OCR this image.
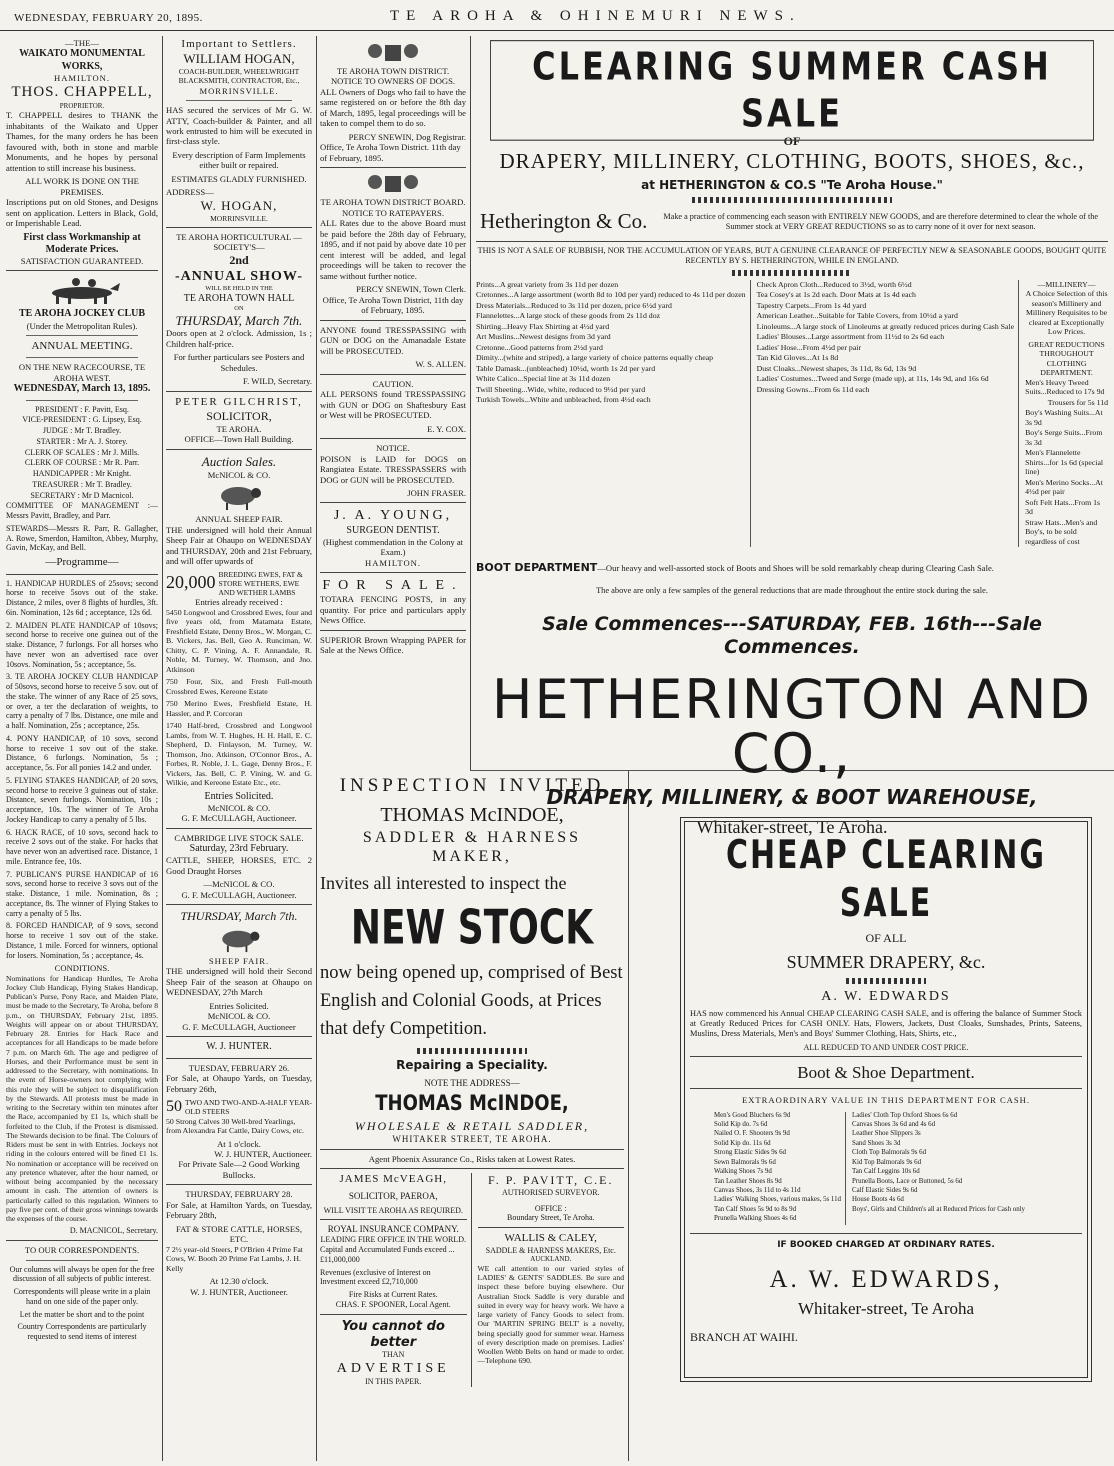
WEDNESDAY, FEBRUARY 20, 1895.	TE AROHA & OHINEMURI NEWS.
—THE—
WAIKATO MONUMENTAL WORKS,
HAMILTON.
THOS. CHAPPELL,
PROPRIETOR.

T. CHAPPELL desires to THANK the inhabitants of the Waikato and Upper Thames, for the many orders he has been favoured with, both in stone and marble Monuments, and he hopes by personal attention to still increase his business.

ALL WORK IS DONE ON THE PREMISES.

Inscriptions put on old Stones, and Designs sent on application. Letters in Black, Gold, or Imperishable Lead.

First class Workmanship at Moderate Prices.
SATISFACTION GUARANTEED.
TE AROHA JOCKEY CLUB
(Under the Metropolitan Rules).
ANNUAL MEETING.
ON THE NEW RACECOURSE, TE AROHA WEST.
WEDNESDAY, March 13, 1895.
PRESIDENT : F. Pavitt, Esq.
VICE-PRESIDENT : G. Lipsey, Esq.
JUDGE : Mr T. Bradley.
STARTER : Mr A. J. Storey.
CLERK OF SCALES : Mr J. Mills.
CLERK OF COURSE : Mr R. Parr.
HANDICAPPER : Mr Knight.
TREASURER : Mr T. Bradley.
SECRETARY : Mr D Macnicol.

COMMITTEE OF MANAGEMENT :—Messrs Pavitt, Bradley, and Parr.

STEWARDS—Messrs R. Parr, R. Gallagher, A. Rowe, Smerdon, Hamilton, Abbey, Murphy, Gavin, McKay, and Bell.

—Programme—

1. HANDICAP HURDLES of 25sovs; second horse to receive 5sovs out of the stake. Distance, 2 miles, over 8 flights of hurdles, 3ft. 6in. Nomination, 12s 6d ; acceptance, 12s 6d.

2. MAIDEN PLATE HANDICAP of 10sovs; second horse to receive one guinea out of the stake. Distance, 7 furlongs. For all horses who have never won an advertised race over 10sovs. Nomination, 5s ; acceptance, 5s.

3. TE AROHA JOCKEY CLUB HANDICAP of 50sovs, second horse to receive 5 sov. out of the stake. The winner of any Race of 25 sovs, or over, a ter the declaration of weights, to carry a penalty of 7 lbs. Distance, one mile and a half. Nomination, 25s ; acceptance, 25s.

4. PONY HANDICAP, of 10 sovs, second horse to receive 1 sov out of the stake. Distance, 6 furlongs. Nomination, 5s ; acceptance, 5s. For all ponies 14.2 and under.

5. FLYING STAKES HANDICAP, of 20 sovs, second horse to receive 3 guineas out of stake. Distance, seven furlongs. Nomination, 10s ; acceptance, 10s. The winner of Te Aroha Jockey Handicap to carry a penalty of 5 lbs.

6. HACK RACE, of 10 sovs, second hack to receive 2 sovs out of the stake. For hacks that have never won an advertised race. Distance, 1 mile. Entrance fee, 10s.

7. PUBLICAN'S PURSE HANDICAP of 16 sovs, second horse to receive 3 sovs out of the stake. Distance, 1 mile. Nomination, 8s ; acceptance, 8s. The winner of Flying Stakes to carry a penalty of 5 lbs.

8. FORCED HANDICAP, of 9 sovs, second horse to receive 1 sov out of the stake. Distance, 1 mile. Forced for winners, optional for losers. Nomination, 5s ; acceptance, 4s.

CONDITIONS.

Nominations for Handicap Hurdles, Te Aroha Jockey Club Handicap, Flying Stakes Handicap, Publican's Purse, Pony Race, and Maiden Plate, must be made to the Secretary, Te Aroha, before 8 p.m., on THURSDAY, February 21st, 1895. Weights will appear on or about THURSDAY, February 28. Entries for Hack Race and acceptances for all Handicaps to be made before 7 p.m. on March 6th. The age and pedigree of Horses, and their Performance must be sent in addressed to the Secretary, with nominations. In the event of Horse-owners not complying with this rule they will be subject to disqualification by the Stewards. All protests must be made in writing to the Secretary within ten minutes after the Race, accompanied by £1 1s, which shall be forfeited to the Club, if the Protest is dismissed. The Stewards decision to be final. The Colours of Riders must be sent in with Entries. Jockeys not riding in the colours entered will be fined £1 1s. No nomination or acceptance will be received on any pretence whatever, after the hour named, or without being accompanied by the necessary amount in cash. The attention of owners is particularly called to this regulation. Winners to pay five per cent. of their gross winnings towards the expenses of the course.

D. MACNICOL, Secretary.
TO OUR CORRESPONDENTS.

Our columns will always be open for the free discussion of all subjects of public interest.

Correspondents will please write in a plain hand on one side of the paper only.

Let the matter be short and to the point

Country Correspondents are particularly requested to send items of interest

Important to Settlers.
WILLIAM HOGAN,
COACH-BUILDER, WHEELWRIGHT BLACKSMITH, CONTRACTOR, Etc.,
MORRINSVILLE.

HAS secured the services of Mr G. W. ATTY, Coach-builder & Painter, and all work entrusted to him will be executed in first-class style.

Every description of Farm Implements either built or repaired.

ESTIMATES GLADLY FURNISHED.

ADDRESS—
W. HOGAN,
MORRINSVILLE.
TE AROHA HORTICULTURAL —SOCIETY'S—
2nd
-ANNUAL SHOW-
WILL BE HELD IN THE
TE AROHA TOWN HALL
ON
THURSDAY, March 7th.

Doors open at 2 o'clock. Admission, 1s ; Children half-price.

For further particulars see Posters and Schedules.

F. WILD, Secretary.
PETER GILCHRIST,
SOLICITOR,
TE AROHA.
OFFICE—Town Hall Building.
Auction Sales.
McNICOL & CO.
ANNUAL SHEEP FAIR.

THE undersigned will hold their Annual Sheep Fair at Ohaupo on WEDNESDAY and THURSDAY, 20th and 21st February, and will offer upwards of

20,000 BREEDING EWES, FAT & STORE WETHERS, EWE AND WETHER LAMBS
Entries already received :

5450 Longwool and Crossbred Ewes, four and five years old, from Matamata Estate, Freshfield Estate, Denny Bros., W. Morgan, C. B. Vickers, Jas. Bell, Geo A. Runciman, W. Chitty, C. P. Vining, A. F. Annandale, R. Noble, M. Turney, W. Thomson, and Jno. Atkinson

750 Four, Six, and Fresh Full-mouth Crossbred Ewes, Kereone Estate

750 Merino Ewes, Freshfield Estate, H. Hassler, and P. Corcoran

1740 Half-bred, Crossbred and Longwool Lambs, from W. T. Hughes, H. H. Hall, E. C. Shepherd, D. Finlayson, M. Turney, W. Thomson, Jno. Atkinson, O'Connor Bros., A. Forbes, R. Noble, J. L. Gage, Denny Bros., F. Vickers, Jas. Bell, C. P. Vining, W. and G. Wilkie, and Kereone Estate Etc., etc.

Entries Solicited.
McNICOL & CO.
G. F. McCULLAGH, Auctioneer.
CAMBRIDGE LIVE STOCK SALE.
Saturday, 23rd February.

CATTLE, SHEEP, HORSES, ETC. 2 Good Draught Horses

—McNICOL & CO.
G. F. McCULLAGH, Auctioneer.
THURSDAY, March 7th.
SHEEP FAIR.

THE undersigned will hold their Second Sheep Fair of the season at Ohaupo on WEDNESDAY, 27th March

Entries Solicited.
McNICOL & CO.
G. F. McCULLAGH, Auctioneer
W. J. HUNTER.
TUESDAY, FEBRUARY 26.

For Sale, at Ohaupo Yards, on Tuesday, February 26th,

50 TWO AND TWO-AND-A-HALF YEAR-OLD STEERS

50 Strong Calves 30 Well-bred Yearlings, from Alexandra Fat Cattle, Dairy Cows, etc.

At 1 o'clock.
W. J. HUNTER, Auctioneer.

For Private Sale—2 Good Working Bullocks.

THURSDAY, FEBRUARY 28.

For Sale, at Hamilton Yards, on Tuesday, February 28th,

FAT & STORE CATTLE, HORSES, ETC.

7 2½ year-old Steers, P O'Brien 4 Prime Fat Cows, W. Booth 20 Prime Fat Lambs, J. H. Kelly

At 12.30 o'clock.
W. J. HUNTER, Auctioneer.
TE AROHA TOWN DISTRICT.
NOTICE TO OWNERS OF DOGS.

ALL Owners of Dogs who fail to have the same registered on or before the 8th day of March, 1895, legal proceedings will be taken to compel them to do so.

PERCY SNEWIN, Dog Registrar.

Office, Te Aroha Town District. 11th day of February, 1895.

TE AROHA TOWN DISTRICT BOARD.
NOTICE TO RATEPAYERS.

ALL Rates due to the above Board must be paid before the 28th day of February, 1895, and if not paid by above date 10 per cent interest will be added, and legal proceedings will be taken to recover the same without further notice.

PERCY SNEWIN, Town Clerk.

Office, Te Aroha Town District, 11th day of February, 1895.

ANYONE found TRESSPASSING with GUN or DOG on the Amanadale Estate will be PROSECUTED.

W. S. ALLEN.
CAUTION.

ALL PERSONS found TRESSPASSING with GUN or DOG on Shaftesbury East or West will be PROSECUTED.

E. Y. COX.
NOTICE.

POISON is LAID for DOGS on Rangiatea Estate. TRESSPASSERS with DOG or GUN will be PROSECUTED.

JOHN FRASER.
J. A. YOUNG,
SURGEON DENTIST.
(Highest commendation in the Colony at Exam.)
HAMILTON.
FOR SALE.

TOTARA FENCING POSTS, in any quantity. For price and particulars apply News Office.

SUPERIOR Brown Wrapping PAPER for Sale at the News Office.

CLEARING SUMMER CASH SALE
OF
DRAPERY, MILLINERY, CLOTHING, BOOTS, SHOES, &c.,
at HETHERINGTON & CO.S "Te Aroha House."
Hetherington & Co.	Make a practice of commencing each season with ENTIRELY NEW GOODS, and are therefore determined to clear the whole of the Summer stock at VERY GREAT REDUCTIONS so as to carry none of it over for next season.

THIS IS NOT A SALE OF RUBBISH, NOR THE ACCUMULATION OF YEARS, BUT A GENUINE CLEARANCE OF PERFECTLY NEW & SEASONABLE GOODS, BOUGHT QUITE RECENTLY BY S. HETHERINGTON, WHILE IN ENGLAND.

Prints...A great variety from 3s 11d per dozen
Cretonnes...A large assortment (worth 8d to 10d per yard) reduced to 4s 11d per dozen
Dress Materials...Reduced to 3s 11d per dozen, price 6½d yard
Flannelettes...A large stock of these goods from 2s 11d doz
Shirting...Heavy Flax Shirting at 4½d yard
Art Muslins...Newest designs from 3d yard
Cretonne...Good patterns from 2½d yard
Dimity...(white and striped), a large variety of choice patterns equally cheap
Table Damask...(unbleached) 10½d, worth 1s 2d per yard
White Calico...Special line at 3s 11d dozen
Twill Sheeting...Wide, white, reduced to 9½d per yard
Turkish Towels...White and unbleached, from 4½d each
Check Apron Cloth...Reduced to 3½d, worth 6½d
Tea Cosey's at 1s 2d each. Door Mats at 1s 4d each
Tapestry Carpets...From 1s 4d yard
American Leather...Suitable for Table Covers, from 10½d a yard
Linoleums...A large stock of Linoleums at greatly reduced prices during Cash Sale
Ladies' Blouses...Large assortment from 11½d to 2s 6d each
Ladies' Hose...From 4½d per pair
Tan Kid Gloves...At 1s 8d
Dust Cloaks...Newest shapes, 3s 11d, 8s 6d, 13s 9d
Ladies' Costumes...Tweed and Serge (made up), at 11s, 14s 9d, and 16s 6d
Dressing Gowns...From 6s 11d each
—MILLINERY—

A Choice Selection of this season's Millinery and Millinery Requisites to be cleared at Exceptionally Low Prices.

GREAT REDUCTIONS THROUGHOUT CLOTHING DEPARTMENT.
Men's Heavy Tweed Suits...Reduced to 17s 9d
Trousers for 5s 11d
Boy's Washing Suits...At 3s 9d
Boy's Serge Suits...From 3s 3d
Men's Flannelette Shirts...for 1s 6d (special line)
Men's Merino Socks...At 4½d per pair
Soft Felt Hats...From 1s 3d
Straw Hats...Men's and Boy's, to be sold regardless of cost
BOOT DEPARTMENT—Our heavy and well-assorted stock of Boots and Shoes will be sold remarkably cheap during Clearing Cash Sale.

The above are only a few samples of the general reductions that are made throughout the entire stock during the sale.

Sale Commences---SATURDAY, FEB. 16th---Sale Commences.
HETHERINGTON AND CO.,
DRAPERY, MILLINERY, & BOOT WAREHOUSE,
Whitaker-street, Te Aroha.
INSPECTION INVITED
THOMAS McINDOE,
SADDLER & HARNESS MAKER,
Invites all interested to inspect the
NEW STOCK
now being opened up, comprised of Best English and Colonial Goods, at Prices that defy Competition.
Repairing a Speciality.
NOTE THE ADDRESS—
THOMAS McINDOE,
WHOLESALE & RETAIL SADDLER,
WHITAKER STREET, TE AROHA.
Agent Phoenix Assurance Co., Risks taken at Lowest Rates.
JAMES McVEAGH,
SOLICITOR, PAEROA,
WILL VISIT TE AROHA AS REQUIRED.
ROYAL INSURANCE COMPANY.
LEADING FIRE OFFICE IN THE WORLD.

Capital and Accumulated Funds exceed ... £11,000,000

Revenues (exclusive of Interest on Investment exceed £2,710,000

Fire Risks at Current Rates.
CHAS. F. SPOONER, Local Agent.
You cannot do better
THAN
ADVERTISE
IN THIS PAPER.
F. P. PAVITT, C.E.
AUTHORISED SURVEYOR.
OFFICE :
Boundary Street, Te Aroha.
WALLIS & CALEY,
SADDLE & HARNESS MAKERS, Etc.
AUCKLAND.

WE call attention to our varied styles of LADIES' & GENTS' SADDLES. Be sure and inspect these before buying elsewhere. Our Australian Stock Saddle is very durable and suited in every way for heavy work. We have a large variety of Fancy Goods to select from. Our 'MARTIN SPRING BELT' is a novelty, being specially good for summer wear. Harness of every description made on premises. Ladies' Woollen Webb Belts on hand or made to order.—Telephone 690.

CHEAP CLEARING SALE
OF ALL
SUMMER DRAPERY, &c.
A. W. EDWARDS

HAS now commenced his Annual CHEAP CLEARING CASH SALE, and is offering the balance of Summer Stock at Greatly Reduced Prices for CASH ONLY. Hats, Flowers, Jackets, Dust Cloaks, Sunshades, Prints, Sateens, Muslins, Dress Materials, Men's and Boys' Summer Clothing, Hats, Shirts, etc.,

ALL REDUCED TO AND UNDER COST PRICE.
Boot & Shoe Department.
EXTRAORDINARY VALUE IN THIS DEPARTMENT FOR CASH.
Men's Good Bluchers 6s 9d
Solid Kip do. 7s 6d
Nailed O. F. Shooters 9s 9d
Solid Kip do. 11s 6d
Strong Elastic Sides 9s 6d
Sewn Balmorals 9s 6d
Walking Shoes 7s 9d
Tan Leather Shoes 8s 9d
Canvas Shoes, 3s 11d to 4s 11d
Ladies' Walking Shoes, various makes, 5s 11d
Tan Calf Shoes 5s 9d to 8s 9d
Prunella Walking Shoes 4s 6d
Ladies' Cloth Top Oxford Shoes 6s 6d
Canvas Shoes 3s 6d and 4s 6d
Leather Shoe Slippers 3s
Sand Shoes 3s 3d
Cloth Top Balmorals 9s 6d
Kid Top Balmorals 9s 6d
Tan Calf Leggins 10s 6d
Prunella Boots, Lace or Buttoned, 5s 6d
Calf Elastic Sides 9s 6d
House Boots 4s 6d
Boys', Girls and Children's all at Reduced Prices for Cash only
IF BOOKED CHARGED AT ORDINARY RATES.
A. W. EDWARDS,
Whitaker-street, Te Aroha
BRANCH AT WAIHI.
